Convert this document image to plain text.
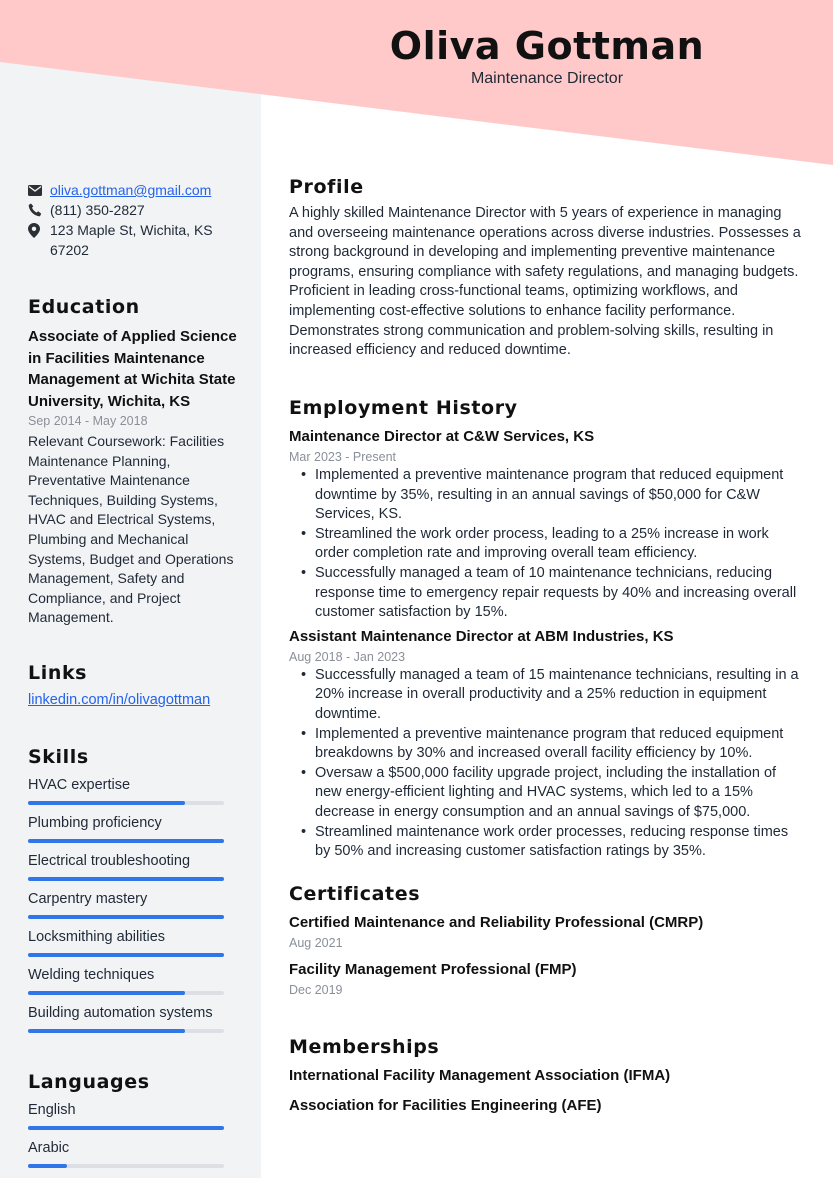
Oliva Gottman
Maintenance Director
oliva.gottman@gmail.com
(811) 350-2827
123 Maple St, Wichita, KS 67202
Education
Associate of Applied Science in Facilities Maintenance Management at Wichita State University, Wichita, KS
Sep 2014 - May 2018
Relevant Coursework: Facilities Maintenance Planning, Preventative Maintenance Techniques, Building Systems, HVAC and Electrical Systems, Plumbing and Mechanical Systems, Budget and Operations Management, Safety and Compliance, and Project Management.
Links
linkedin.com/in/olivagottman
Skills
HVAC expertise
Plumbing proficiency
Electrical troubleshooting
Carpentry mastery
Locksmithing abilities
Welding techniques
Building automation systems
Languages
English
Arabic
Profile
A highly skilled Maintenance Director with 5 years of experience in managing and overseeing maintenance operations across diverse industries. Possesses a strong background in developing and implementing preventive maintenance programs, ensuring compliance with safety regulations, and managing budgets. Proficient in leading cross-functional teams, optimizing workflows, and implementing cost-effective solutions to enhance facility performance. Demonstrates strong communication and problem-solving skills, resulting in increased efficiency and reduced downtime.
Employment History
Maintenance Director at C&W Services, KS
Mar 2023 - Present
• Implemented a preventive maintenance program that reduced equipment downtime by 35%, resulting in an annual savings of $50,000 for C&W Services, KS.
• Streamlined the work order process, leading to a 25% increase in work order completion rate and improving overall team efficiency.
• Successfully managed a team of 10 maintenance technicians, reducing response time to emergency repair requests by 40% and increasing overall customer satisfaction by 15%.
Assistant Maintenance Director at ABM Industries, KS
Aug 2018 - Jan 2023
• Successfully managed a team of 15 maintenance technicians, resulting in a 20% increase in overall productivity and a 25% reduction in equipment downtime.
• Implemented a preventive maintenance program that reduced equipment breakdowns by 30% and increased overall facility efficiency by 10%.
• Oversaw a $500,000 facility upgrade project, including the installation of new energy-efficient lighting and HVAC systems, which led to a 15% decrease in energy consumption and an annual savings of $75,000.
• Streamlined maintenance work order processes, reducing response times by 50% and increasing customer satisfaction ratings by 35%.
Certificates
Certified Maintenance and Reliability Professional (CMRP)
Aug 2021
Facility Management Professional (FMP)
Dec 2019
Memberships
International Facility Management Association (IFMA)
Association for Facilities Engineering (AFE)
